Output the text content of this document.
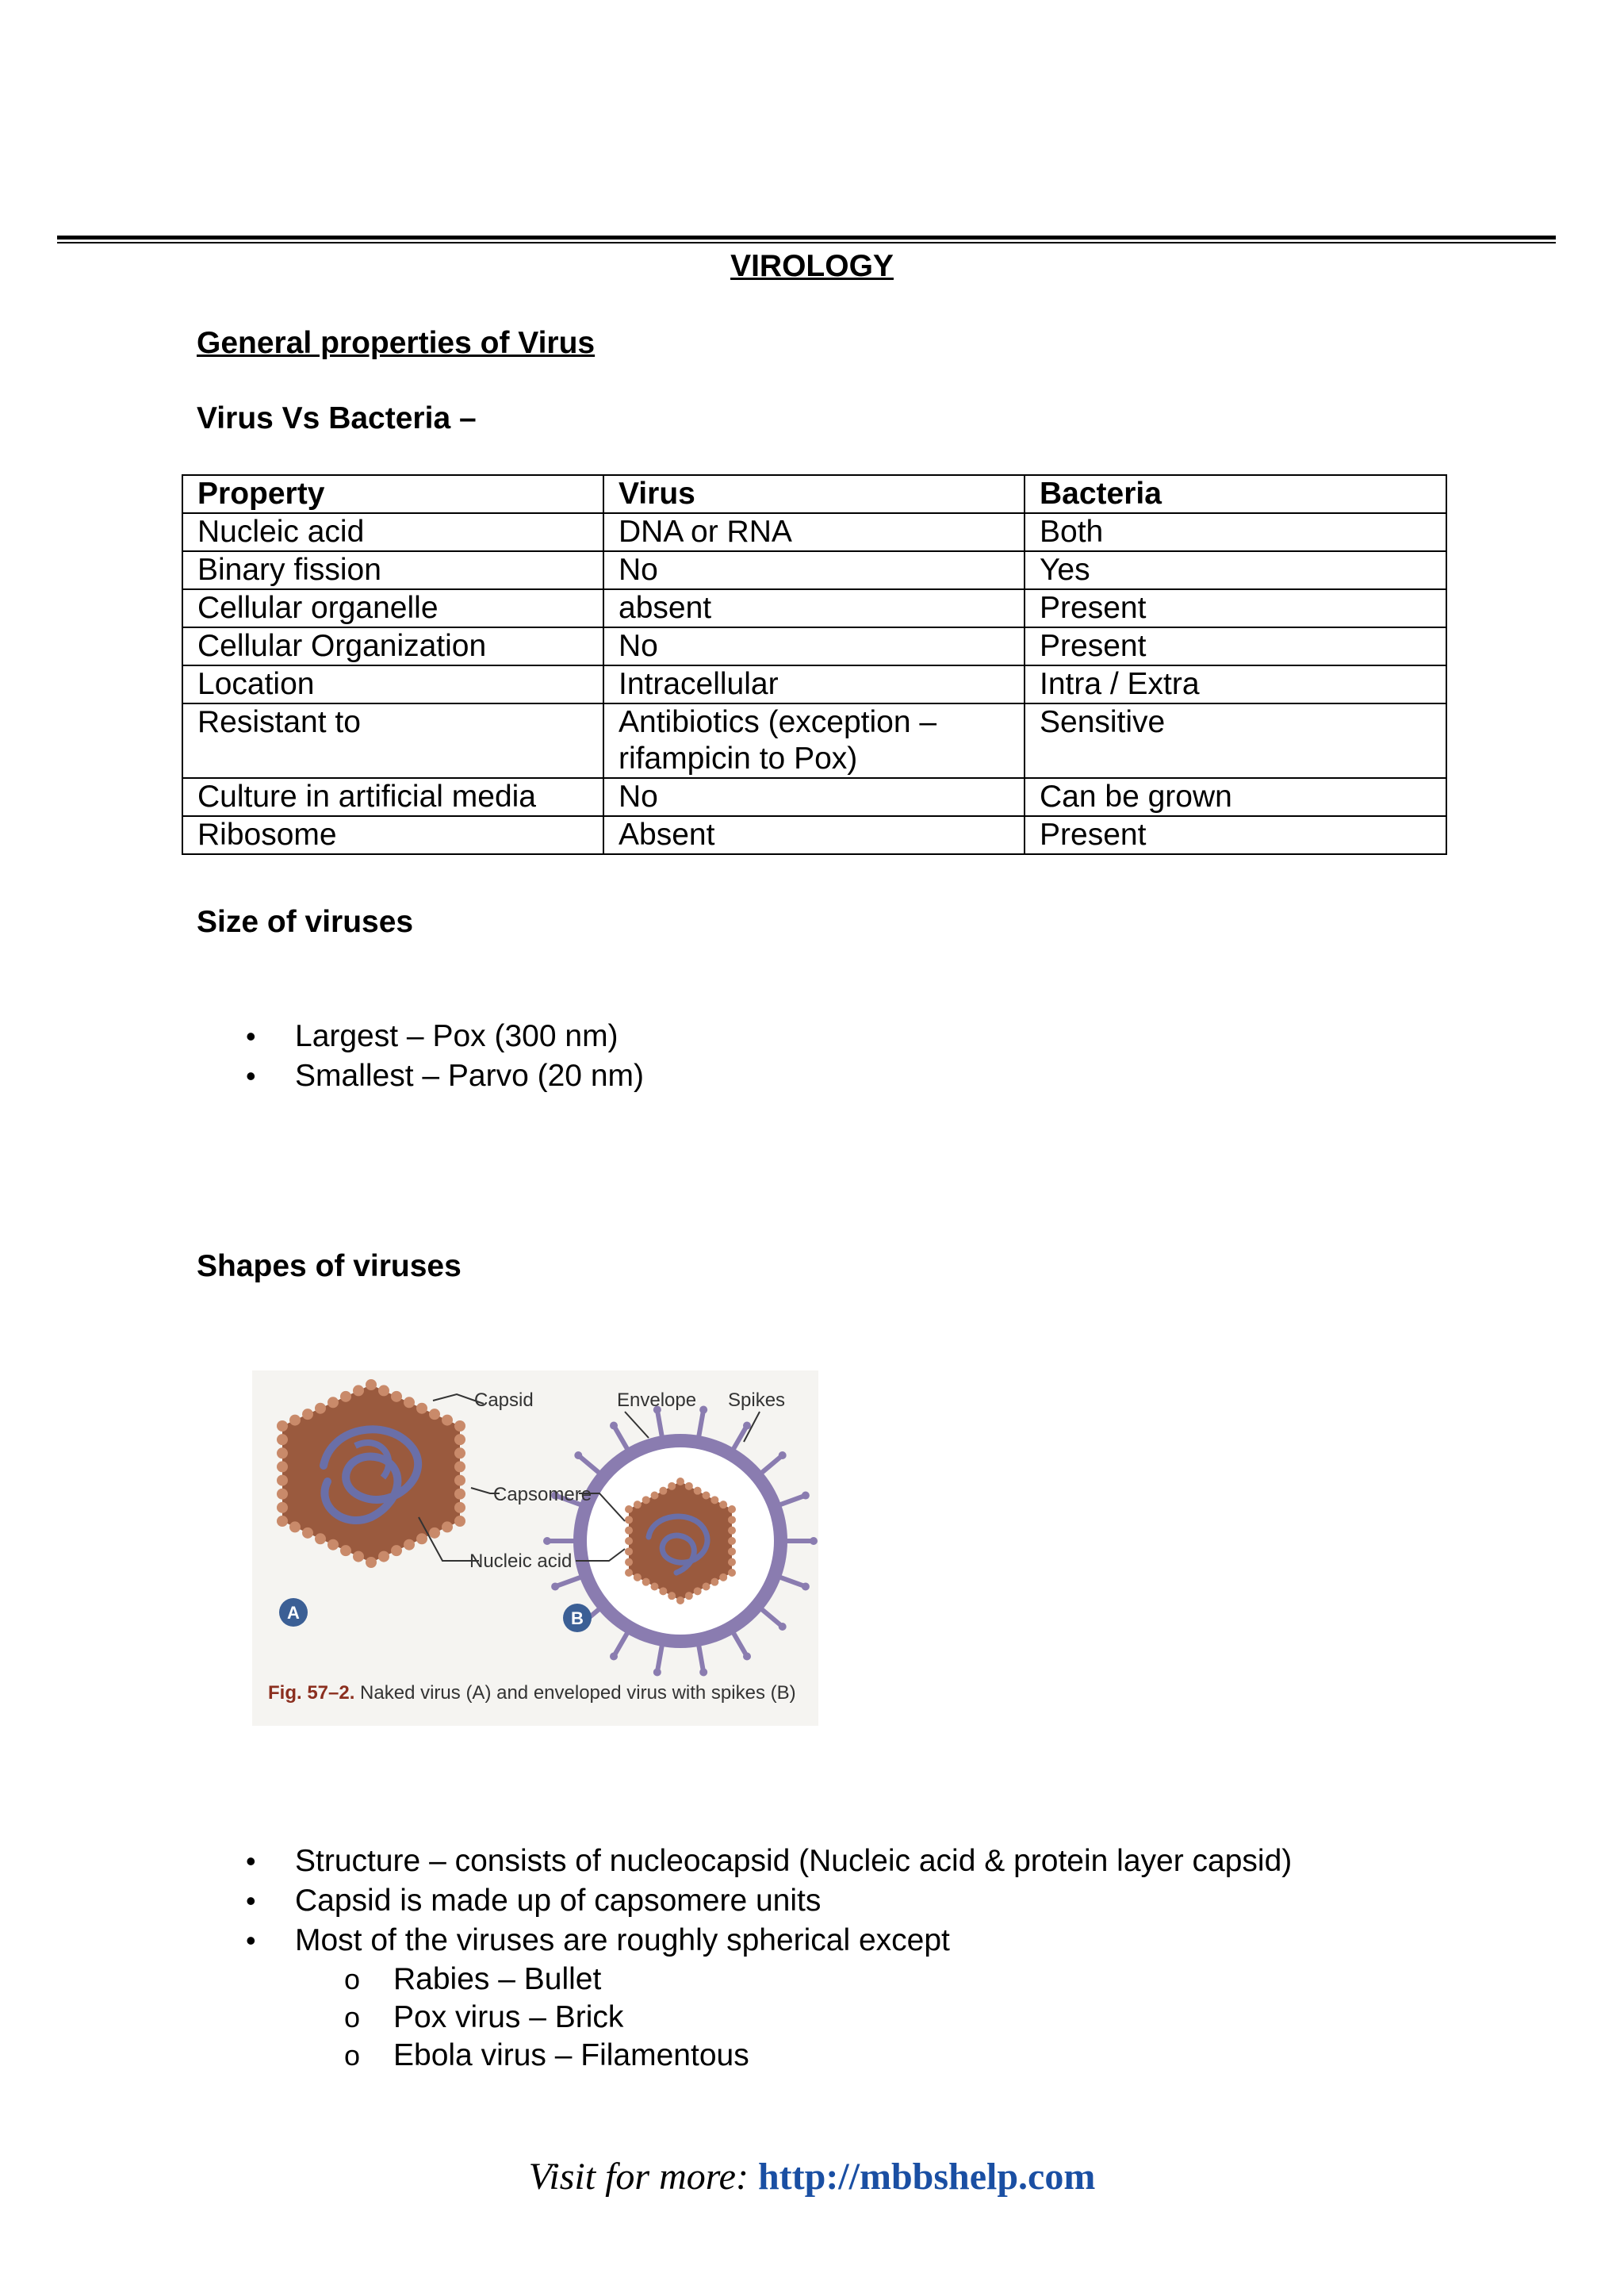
VIROLOGY
General properties of Virus
Virus Vs Bacteria –
Property	Virus	Bacteria
Nucleic acid	DNA or RNA	Both
Binary fission	No	Yes
Cellular organelle	absent	Present
Cellular Organization	No	Present
Location	Intracellular	Intra / Extra
Resistant to	Antibiotics (exception – rifampicin to Pox)	Sensitive
Culture in artificial media	No	Can be grown
Ribosome	Absent	Present
Size of viruses
• Largest – Pox (300 nm)
• Smallest – Parvo (20 nm)
Shapes of viruses
Capsid	Envelope Spikes
Capsomere
Nucleic acid
A	B
Fig. 57–2. Naked virus (A) and enveloped virus with spikes (B)
• Structure – consists of nucleocapsid (Nucleic acid & protein layer capsid)
• Capsid is made up of capsomere units
• Most of the viruses are roughly spherical except
o Rabies – Bullet
o Pox virus – Brick
o Ebola virus – Filamentous
Visit for more: http://mbbshelp.com
